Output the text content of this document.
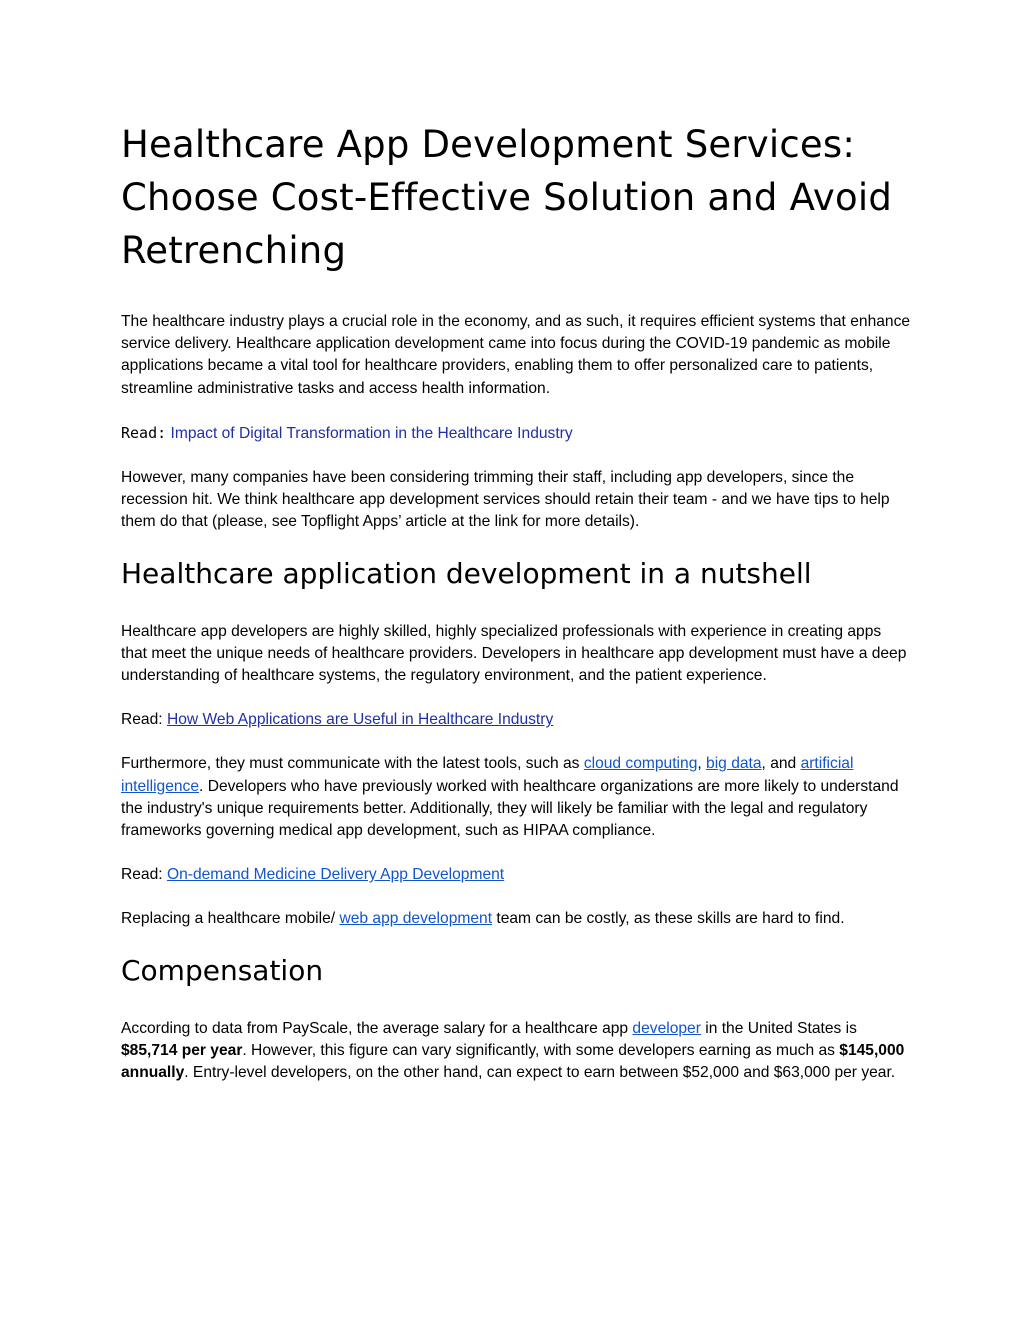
Healthcare App Development Services: Choose Cost-Effective Solution and Avoid Retrenching

The healthcare industry plays a crucial role in the economy, and as such, it requires efficient systems that enhance service delivery. Healthcare application development came into focus during the COVID-19 pandemic as mobile applications became a vital tool for healthcare providers, enabling them to offer personalized care to patients, streamline administrative tasks and access health information.

Read: Impact of Digital Transformation in the Healthcare Industry

However, many companies have been considering trimming their staff, including app developers, since the recession hit. We think healthcare app development services should retain their team - and we have tips to help them do that (please, see Topflight Apps’ article at the link for more details).

Healthcare application development in a nutshell

Healthcare app developers are highly skilled, highly specialized professionals with experience in creating apps that meet the unique needs of healthcare providers. Developers in healthcare app development must have a deep understanding of healthcare systems, the regulatory environment, and the patient experience.

Read: How Web Applications are Useful in Healthcare Industry

Furthermore, they must communicate with the latest tools, such as cloud computing, big data, and artificial intelligence. Developers who have previously worked with healthcare organizations are more likely to understand the industry's unique requirements better. Additionally, they will likely be familiar with the legal and regulatory frameworks governing medical app development, such as HIPAA compliance.

Read: On-demand Medicine Delivery App Development

Replacing a healthcare mobile/ web app development team can be costly, as these skills are hard to find.

Compensation

According to data from PayScale, the average salary for a healthcare app developer in the United States is $85,714 per year. However, this figure can vary significantly, with some developers earning as much as $145,000 annually. Entry-level developers, on the other hand, can expect to earn between $52,000 and $63,000 per year.
